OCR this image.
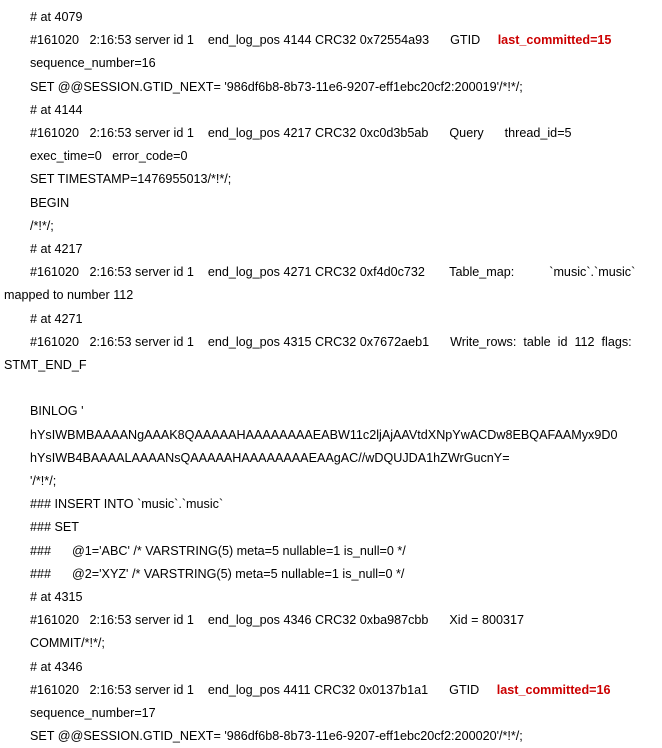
# at 4079
#161020   2:16:53 server id 1    end_log_pos 4144 CRC32 0x72554a93      GTID     last_committed=15
sequence_number=16
SET @@SESSION.GTID_NEXT= '986df6b8-8b73-11e6-9207-eff1ebc20cf2:200019'/*!*/;
# at 4144
#161020   2:16:53 server id 1    end_log_pos 4217 CRC32 0xc0d3b5ab      Query      thread_id=5
exec_time=0   error_code=0
SET TIMESTAMP=1476955013/*!*/;
BEGIN
/*!*/;
# at 4217
#161020   2:16:53 server id 1    end_log_pos 4271 CRC32 0xf4d0c732       Table_map:          `music`.`music`
mapped to number 112
# at 4271
#161020   2:16:53 server id 1    end_log_pos 4315 CRC32 0x7672aeb1      Write_rows:  table  id  112  flags:
STMT_END_F
BINLOG '
hYsIWBMBAAAANgAAAK8QAAAAAHAAAAAAAAEABW11c2ljAjAAVtdXNpYwACDw8EBQAFAAMyx9D0
hYsIWB4BAAAALAAAANsQAAAAAHAAAAAAAAEAAgAC//wDQUJDA1hZWrGucnY=
'/*!*/;
### INSERT INTO `music`.`music`
### SET
###      @1='ABC' /* VARSTRING(5) meta=5 nullable=1 is_null=0 */
###      @2='XYZ' /* VARSTRING(5) meta=5 nullable=1 is_null=0 */
# at 4315
#161020   2:16:53 server id 1    end_log_pos 4346 CRC32 0xba987cbb      Xid = 800317
COMMIT/*!*/;
# at 4346
#161020   2:16:53 server id 1    end_log_pos 4411 CRC32 0x0137b1a1      GTID     last_committed=16
sequence_number=17
SET @@SESSION.GTID_NEXT= '986df6b8-8b73-11e6-9207-eff1ebc20cf2:200020'/*!*/;
